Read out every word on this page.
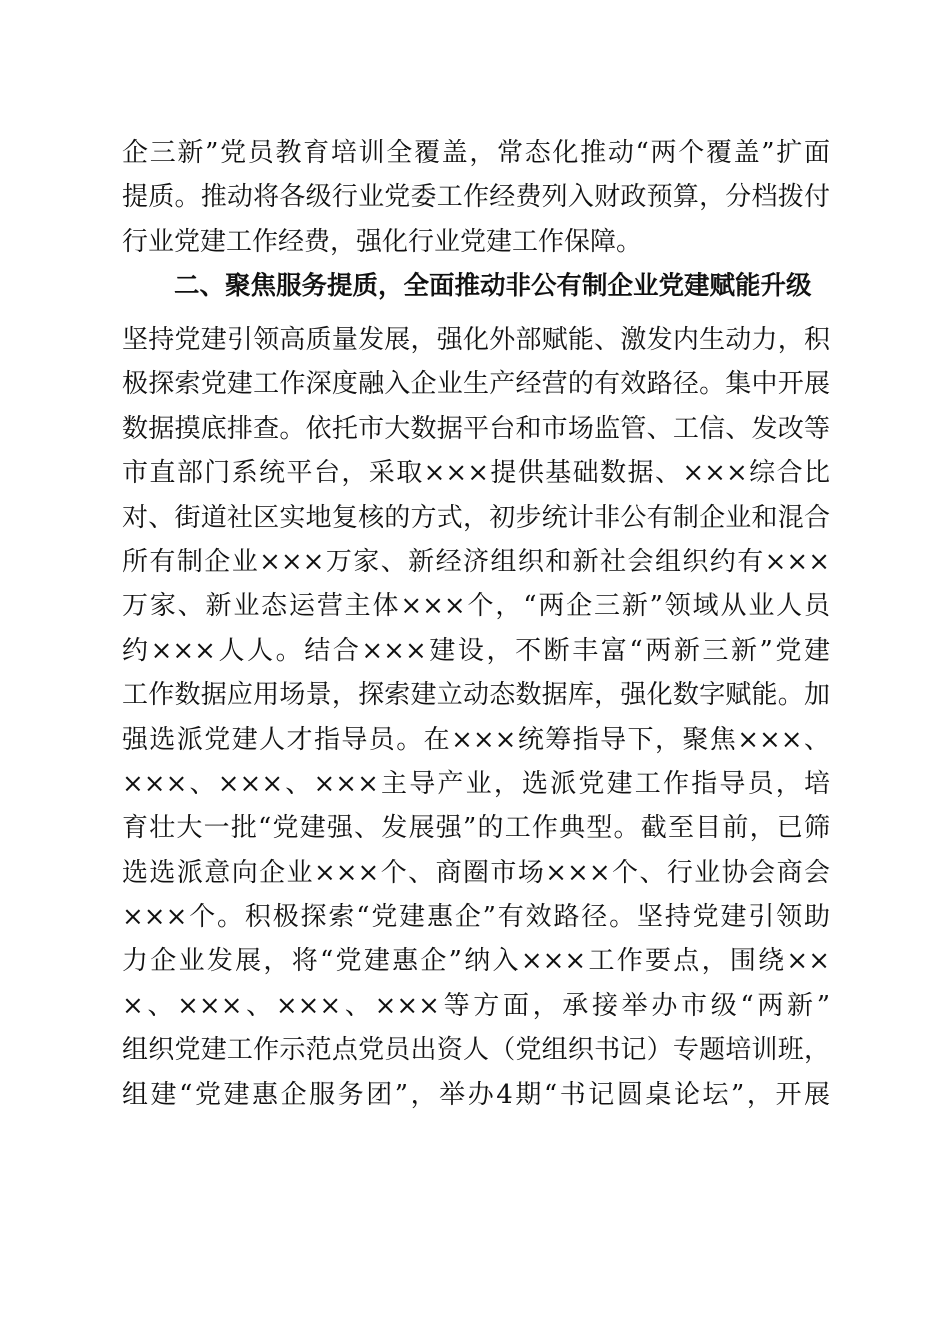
企三新”党员教育培训全覆盖，常态化推动“两个覆盖”扩面
提质。推动将各级行业党委工作经费列入财政预算，分档拨付
行业党建工作经费，强化行业党建工作保障。
二、聚焦服务提质，全面推动非公有制企业党建赋能升级
坚持党建引领高质量发展，强化外部赋能、激发内生动力，积
极探索党建工作深度融入企业生产经营的有效路径。集中开展
数据摸底排查。依托市大数据平台和市场监管、工信、发改等
市直部门系统平台，采取×××提供基础数据、×××综合比
对、街道社区实地复核的方式，初步统计非公有制企业和混合
所有制企业×××万家、新经济组织和新社会组织约有×××
万家、新业态运营主体×××个，“两企三新”领域从业人员
约×××人人。结合×××建设，不断丰富“两新三新”党建
工作数据应用场景，探索建立动态数据库，强化数字赋能。加
强选派党建人才指导员。在×××统筹指导下，聚焦×××、
×××、×××、×××主导产业，选派党建工作指导员，培
育壮大一批“党建强、发展强”的工作典型。截至目前，已筛
选选派意向企业×××个、商圈市场×××个、行业协会商会
×××个。积极探索“党建惠企”有效路径。坚持党建引领助
力企业发展，将“党建惠企”纳入×××工作要点，围绕××
×、×××、×××、×××等方面，承接举办市级“两新”
组织党建工作示范点党员出资人（党组织书记）专题培训班，
组建“党建惠企服务团”，举办4期“书记圆桌论坛”，开展
